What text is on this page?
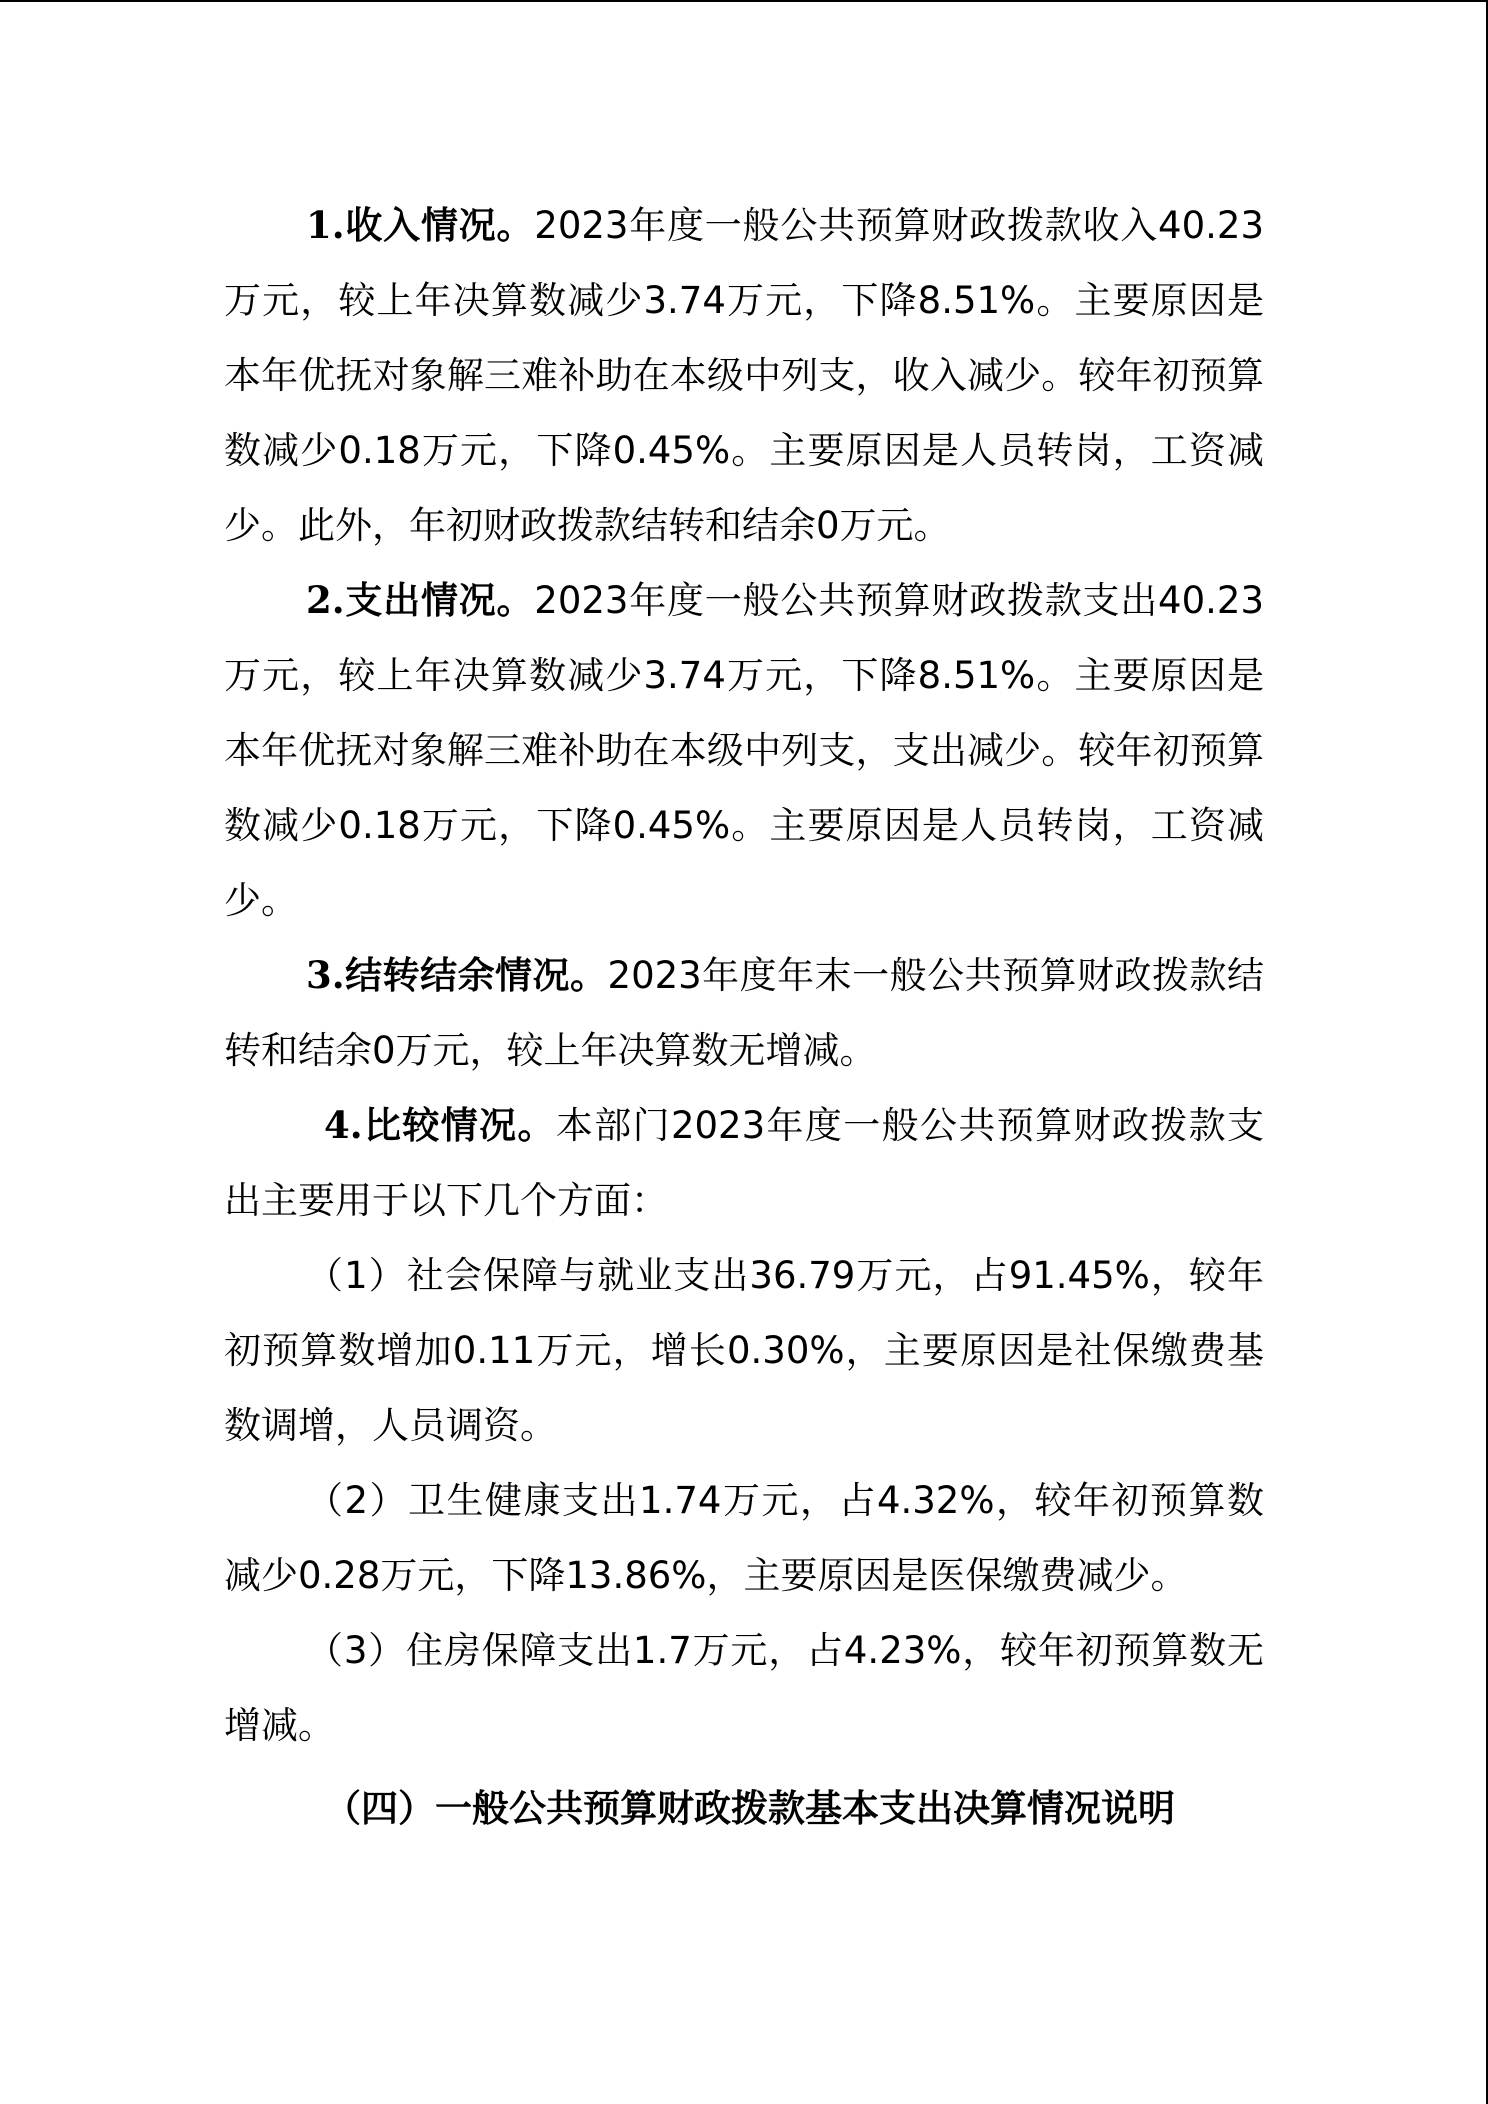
1.收入情况。2023年度一般公共预算财政拨款收入40.23万元，较上年决算数减少3.74万元，下降8.51%。主要原因是本年优抚对象解三难补助在本级中列支，收入减少。较年初预算数减少0.18万元，下降0.45%。主要原因是人员转岗，工资减少。此外，年初财政拨款结转和结余0万元。

2.支出情况。2023年度一般公共预算财政拨款支出40.23万元，较上年决算数减少3.74万元，下降8.51%。主要原因是本年优抚对象解三难补助在本级中列支，支出减少。较年初预算数减少0.18万元，下降0.45%。主要原因是人员转岗，工资减少。

3.结转结余情况。2023年度年末一般公共预算财政拨款结转和结余0万元，较上年决算数无增减。

4.比较情况。本部门2023年度一般公共预算财政拨款支出主要用于以下几个方面：

（1）社会保障与就业支出36.79万元，占91.45%，较年初预算数增加0.11万元，增长0.30%，主要原因是社保缴费基数调增，人员调资。

（2）卫生健康支出1.74万元，占4.32%，较年初预算数减少0.28万元，下降13.86%，主要原因是医保缴费减少。

（3）住房保障支出1.7万元，占4.23%，较年初预算数无增减。

（四）一般公共预算财政拨款基本支出决算情况说明
